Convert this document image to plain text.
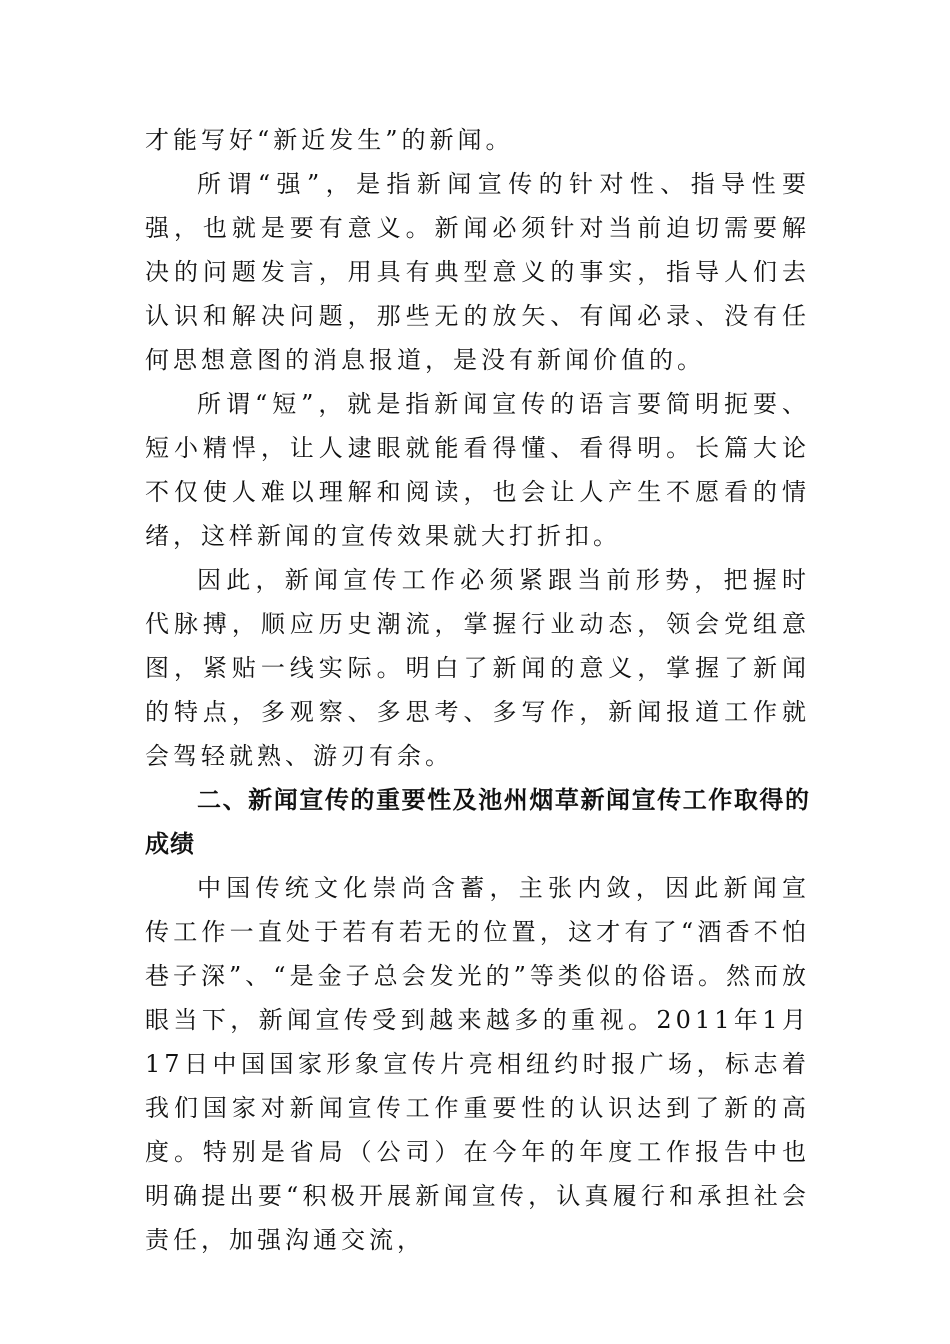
才能写好“新近发生”的新闻。

所谓“强”，是指新闻宣传的针对性、指导性要强，也就是要有意义。新闻必须针对当前迫切需要解决的问题发言，用具有典型意义的事实，指导人们去认识和解决问题，那些无的放矢、有闻必录、没有任何思想意图的消息报道，是没有新闻价值的。

所谓“短”，就是指新闻宣传的语言要简明扼要、短小精悍，让人逮眼就能看得懂、看得明。长篇大论不仅使人难以理解和阅读，也会让人产生不愿看的情绪，这样新闻的宣传效果就大打折扣。

因此，新闻宣传工作必须紧跟当前形势，把握时代脉搏，顺应历史潮流，掌握行业动态，领会党组意图，紧贴一线实际。明白了新闻的意义，掌握了新闻的特点，多观察、多思考、多写作，新闻报道工作就会驾轻就熟、游刃有余。

二、新闻宣传的重要性及池州烟草新闻宣传工作取得的成绩

中国传统文化崇尚含蓄，主张内敛，因此新闻宣传工作一直处于若有若无的位置，这才有了“酒香不怕巷子深”、“是金子总会发光的”等类似的俗语。然而放眼当下，新闻宣传受到越来越多的重视。2011年1月17日中国国家形象宣传片亮相纽约时报广场，标志着我们国家对新闻宣传工作重要性的认识达到了新的高度。特别是省局（公司）在今年的年度工作报告中也明确提出要“积极开展新闻宣传，认真履行和承担社会责任，加强沟通交流，
